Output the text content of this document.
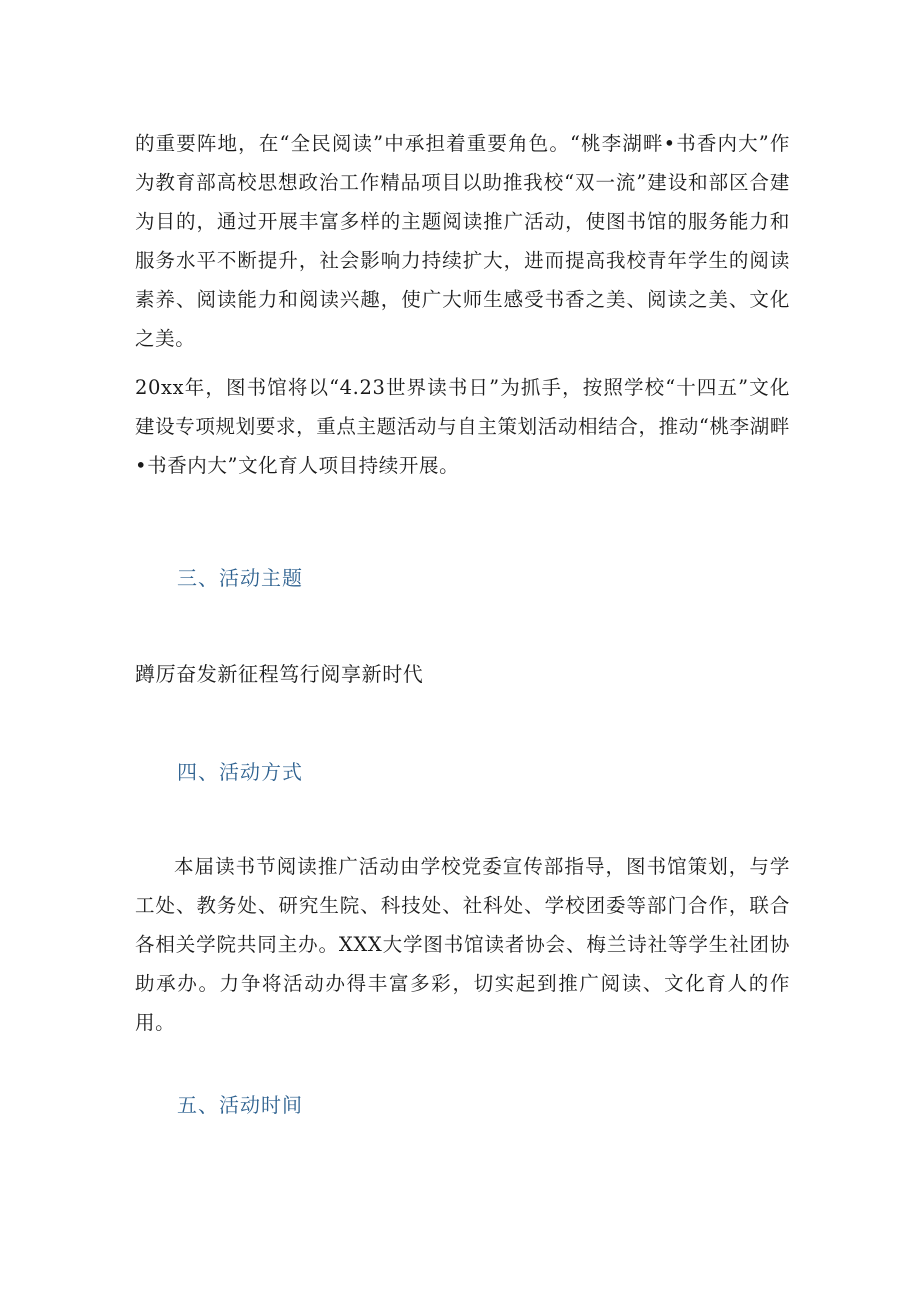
的重要阵地，在“全民阅读”中承担着重要角色。“桃李湖畔•书香内大”作为教育部高校思想政治工作精品项目以助推我校“双一流”建设和部区合建为目的，通过开展丰富多样的主题阅读推广活动，使图书馆的服务能力和服务水平不断提升，社会影响力持续扩大，进而提高我校青年学生的阅读素养、阅读能力和阅读兴趣，使广大师生感受书香之美、阅读之美、文化之美。

20xx年，图书馆将以“4.23世界读书日”为抓手，按照学校“十四五”文化建设专项规划要求，重点主题活动与自主策划活动相结合，推动“桃李湖畔•书香内大”文化育人项目持续开展。

三、活动主题

蹲厉奋发新征程笃行阅享新时代

四、活动方式

本届读书节阅读推广活动由学校党委宣传部指导，图书馆策划，与学工处、教务处、研究生院、科技处、社科处、学校团委等部门合作，联合各相关学院共同主办。XXX大学图书馆读者协会、梅兰诗社等学生社团协助承办。力争将活动办得丰富多彩，切实起到推广阅读、文化育人的作用。

五、活动时间
